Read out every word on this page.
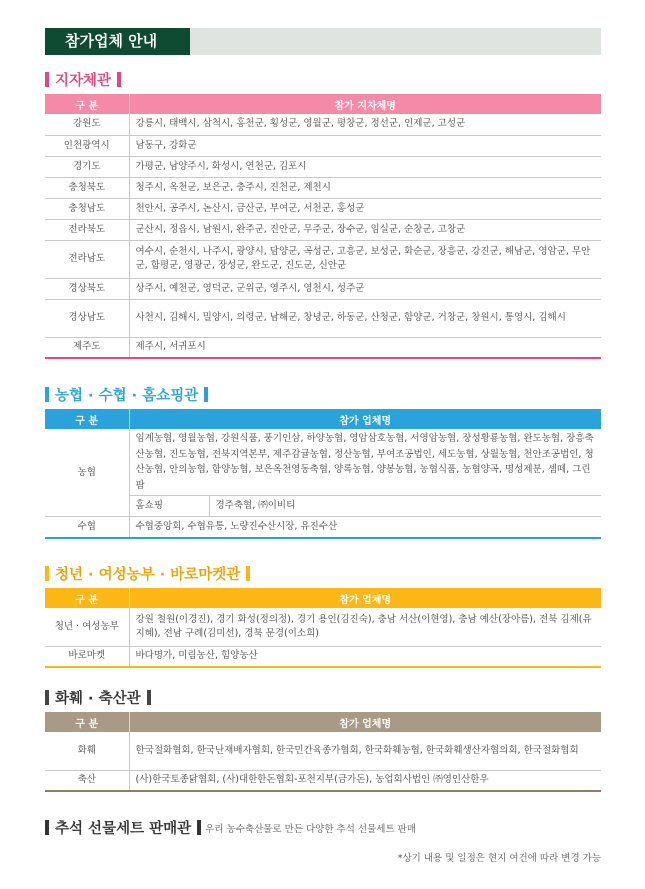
참가업체 안내
지자체관
구 분	참가 지자체명
강원도	강릉시, 태백시, 삼척시, 홍천군, 횡성군, 영월군, 평창군, 정선군, 인제군, 고성군
인천광역시	남동구, 강화군
경기도	가평군, 남양주시, 화성시, 연천군, 김포시
충청북도	청주시, 옥천군, 보은군, 충주시, 진천군, 제천시
충청남도	천안시, 공주시, 논산시, 금산군, 부여군, 서천군, 홍성군
전라북도	군산시, 정읍시, 남원시, 완주군, 진안군, 무주군, 장수군, 임실군, 순창군, 고창군
전라남도	여수시, 순천시, 나주시, 광양시, 담양군, 곡성군, 고흥군, 보성군, 화순군, 장흥군, 강진군, 해남군, 영암군, 무안군, 함평군, 영광군, 장성군, 완도군, 진도군, 신안군
경상북도	상주시, 예천군, 영덕군, 군위군, 영주시, 영천시, 성주군
경상남도	사천시, 김해시, 밀양시, 의령군, 남해군, 창녕군, 하동군, 산청군, 함양군, 거창군, 창원시, 통영시, 김해시
제주도	제주시, 서귀포시
농협 · 수협 · 홈쇼핑관
구 분	참가 업체명	
농협	임계농협, 영월농협, 강원식품, 풍기인삼, 하양농협, 영암삼호농협, 서영암농협, 장성황룡농협, 완도농협, 장흥축산농협, 진도농협, 전북지역본부, 제주감귤농협, 정산농협, 부여조공법인, 세도농협, 상월농협, 천안조공법인, 청산농협, 안의농협, 함양농협, 보은옥천영동축협, 양록농협, 양봉농협, 농협식품, 농협양곡, 명성제분, 셈떼, 그린팜	
	홈쇼핑	경주축협, ㈜이비티
수협	수협중앙회, 수협유통, 노량진수산시장, 유진수산	
청년 · 여성농부 · 바로마켓관
구 분	참가 업체명
청년 · 여성농부	강원 철원(이경진), 경기 화성(정의정), 경기 용인(김진숙), 충남 서산(이현영), 충남 예산(장아름), 전북 김제(유지혜), 전남 구례(김미선), 경북 문경(이소희)
바로마켓	바다명가, 미림농산, 힘양농산
화훼 · 축산관
구 분	참가 업체명
화훼	한국절화협회, 한국난재배자협회, 한국민간육종가협회, 한국화훼농협, 한국화훼생산자협의회, 한국절화협회
축산	(사)한국토종닭협회, (사)대한한돈협회-포천지부(금가돈), 농업회사법인 ㈜영인산한우
추석 선물세트 판매관 우리 농수축산물로 만든 다양한 추석 선물세트 판매
*상기 내용 및 일정은 현지 여건에 따라 변경 가능
